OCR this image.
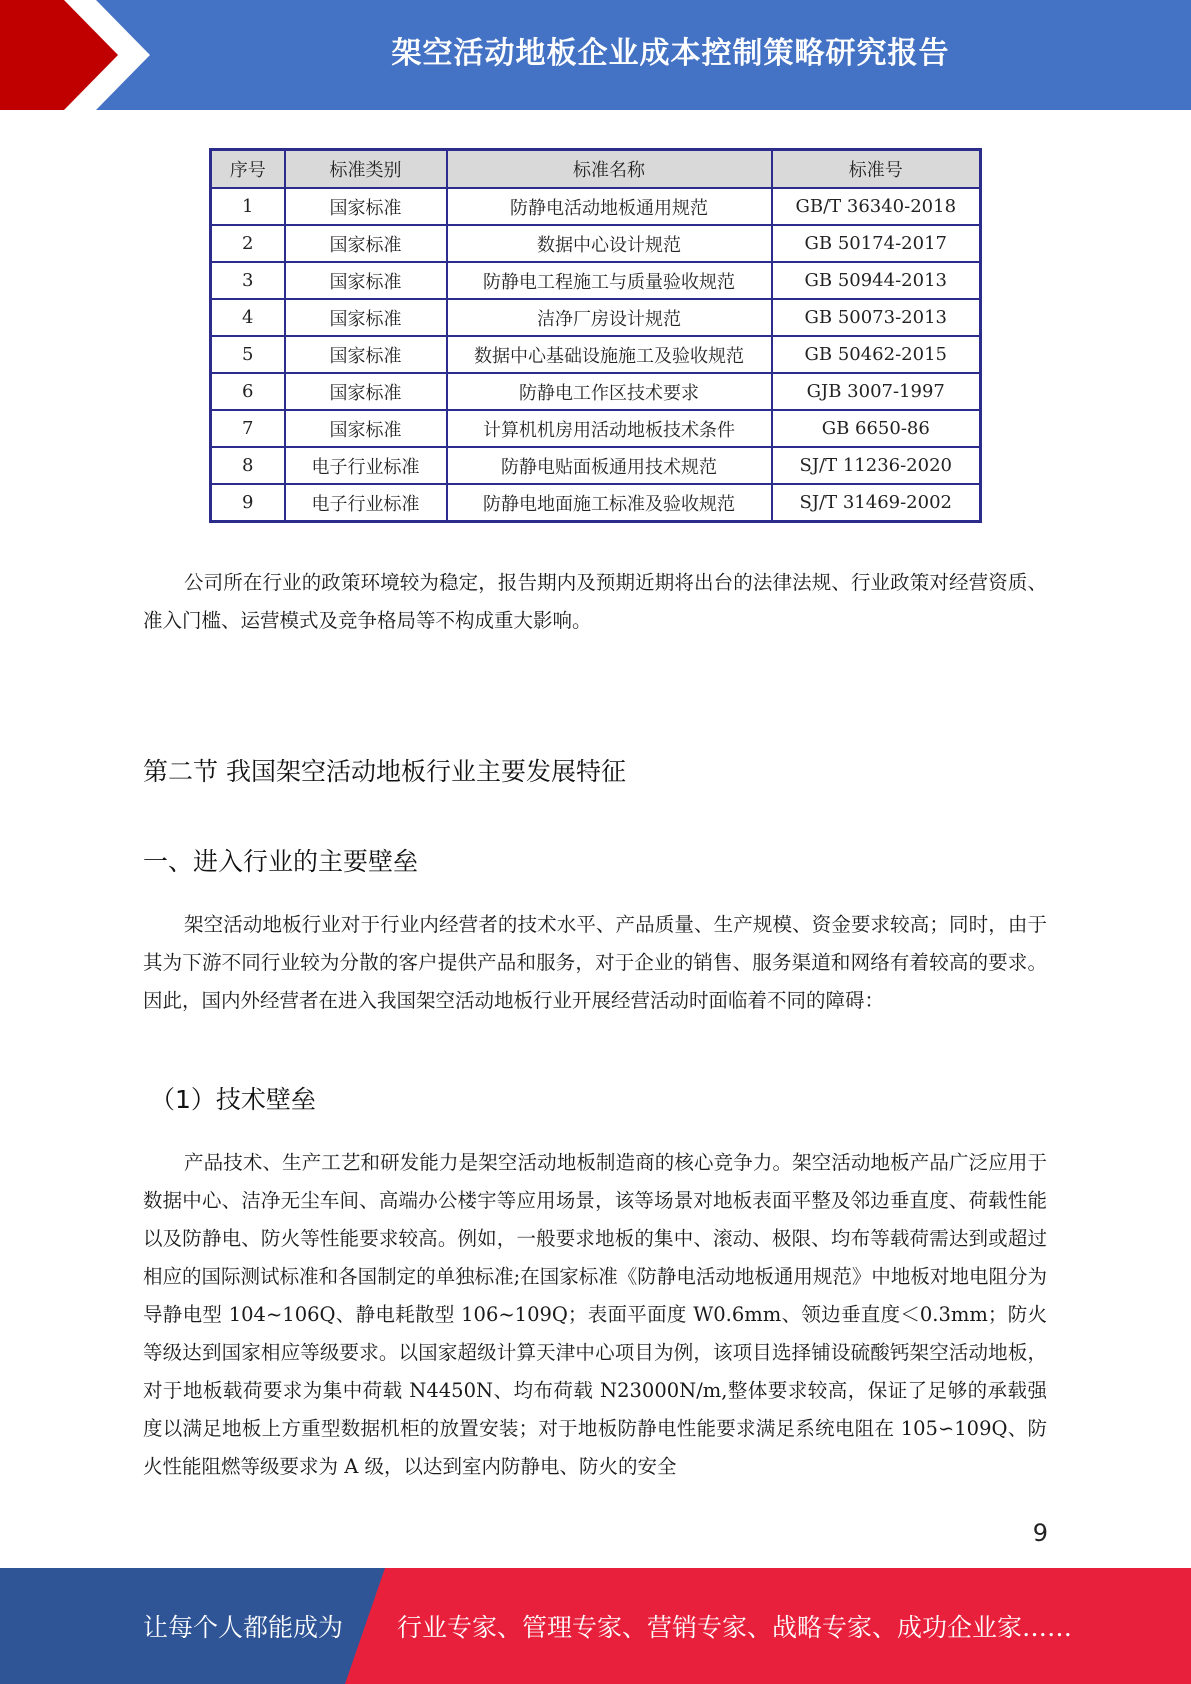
架空活动地板企业成本控制策略研究报告
序号	标准类别	标准名称	标准号
1	国家标准	防静电活动地板通用规范	GB/T 36340-2018
2	国家标准	数据中心设计规范	GB 50174-2017
3	国家标准	防静电工程施工与质量验收规范	GB 50944-2013
4	国家标准	洁净厂房设计规范	GB 50073-2013
5	国家标准	数据中心基础设施施工及验收规范	GB 50462-2015
6	国家标准	防静电工作区技术要求	GJB 3007-1997
7	国家标准	计算机机房用活动地板技术条件	GB 6650-86
8	电子行业标准	防静电贴面板通用技术规范	SJ/T 11236-2020
9	电子行业标准	防静电地面施工标准及验收规范	SJ/T 31469-2002

公司所在行业的政策环境较为稳定，报告期内及预期近期将出台的法律法规、行业政策对经营资质、准入门槛、运营模式及竞争格局等不构成重大影响。

第二节 我国架空活动地板行业主要发展特征
一、进入行业的主要壁垒

架空活动地板行业对于行业内经营者的技术水平、产品质量、生产规模、资金要求较高；同时，由于其为下游不同行业较为分散的客户提供产品和服务，对于企业的销售、服务渠道和网络有着较高的要求。因此，国内外经营者在进入我国架空活动地板行业开展经营活动时面临着不同的障碍：

（1）技术壁垒

产品技术、生产工艺和研发能力是架空活动地板制造商的核心竞争力。架空活动地板产品广泛应用于数据中心、洁净无尘车间、高端办公楼宇等应用场景，该等场景对地板表面平整及邻边垂直度、荷载性能以及防静电、防火等性能要求较高。例如，一般要求地板的集中、滚动、极限、均布等载荷需达到或超过相应的国际测试标准和各国制定的单独标准;在国家标准《防静电活动地板通用规范》中地板对地电阻分为导静电型 104~106Q、静电耗散型 106~109Q；表面平面度 W0.6mm、领边垂直度＜0.3mm；防火等级达到国家相应等级要求。以国家超级计算天津中心项目为例，该项目选择铺设硫酸钙架空活动地板，对于地板载荷要求为集中荷载 N4450N、均布荷载 N23000N/m,整体要求较高，保证了足够的承载强度以满足地板上方重型数据机柜的放置安装；对于地板防静电性能要求满足系统电阻在 105∽109Q、防火性能阻燃等级要求为 A 级，以达到室内防静电、防火的安全

9
让每个人都能成为 行业专家、管理专家、营销专家、战略专家、成功企业家……
